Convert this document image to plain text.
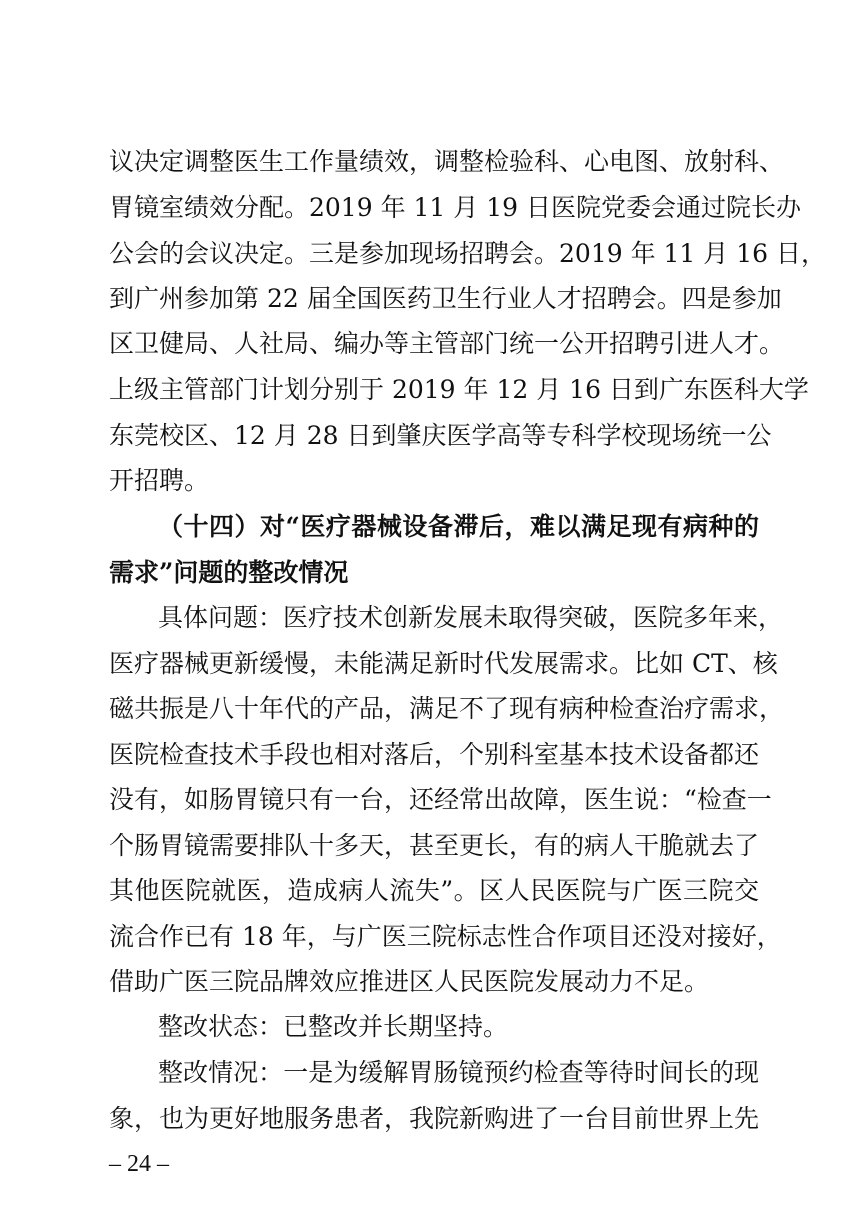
议决定调整医生工作量绩效，调整检验科、心电图、放射科、
胃镜室绩效分配。2019 年 11 月 19 日医院党委会通过院长办
公会的会议决定。三是参加现场招聘会。2019 年 11 月 16 日，
到广州参加第 22 届全国医药卫生行业人才招聘会。四是参加
区卫健局、人社局、编办等主管部门统一公开招聘引进人才。
上级主管部门计划分别于 2019 年 12 月 16 日到广东医科大学
东莞校区、12 月 28 日到肇庆医学高等专科学校现场统一公
开招聘。
（十四）对“医疗器械设备滞后，难以满足现有病种的
需求”问题的整改情况
具体问题：医疗技术创新发展未取得突破，医院多年来，
医疗器械更新缓慢，未能满足新时代发展需求。比如 CT、核
磁共振是八十年代的产品，满足不了现有病种检查治疗需求，
医院检查技术手段也相对落后，个别科室基本技术设备都还
没有，如肠胃镜只有一台，还经常出故障，医生说：“检查一
个肠胃镜需要排队十多天，甚至更长，有的病人干脆就去了
其他医院就医，造成病人流失”。区人民医院与广医三院交
流合作已有 18 年，与广医三院标志性合作项目还没对接好，
借助广医三院品牌效应推进区人民医院发展动力不足。
整改状态：已整改并长期坚持。
整改情况：一是为缓解胃肠镜预约检查等待时间长的现
象，也为更好地服务患者，我院新购进了一台目前世界上先
– 24 –
